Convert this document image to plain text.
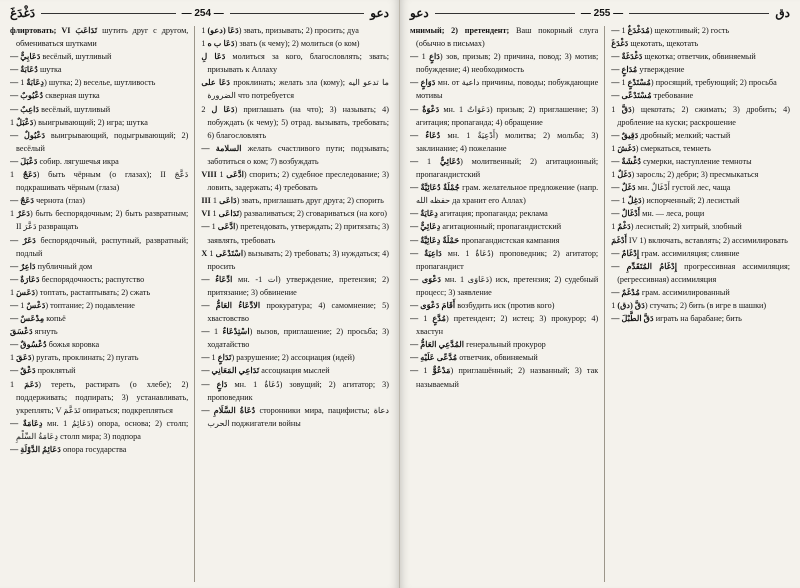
دَغْدَغَ	— 254 —	دعو

флиртовать; VI تَدَاعَبَ шутить друг с другом, обмениваться шутками

— دَعَابِيٌّ весёлый, шутливый

— دُعَابَةٌ шутка

— دِعَابَةٌ 1) шутка; 2) веселье, шутливость

— دُعْبُوبٌ скверная шутка

— دَاعِبٌ весёлый, шутливый

دَعْبَلٌ 1) выигрывающий; 2) игра; шутка

— دَعْبُولٌ выигрывающий, подыгрывающий; 2) весёлый

— دَعْبَلَ собир. лягушечья икра

دَعَجٌ 1) быть чёрным (о глазах); II دَعَّجَ подкрашивать чёрным (глаза)

— دَعَجٌ чернота (глаз)

دَعَرٌ 1) быть беспорядочным; 2) быть развратным; II دَعَّرَ развращать

— دَعَرٌ беспорядочный, распутный, развратный; подлый

— دَاعِرٌ публичный дом

— دَعَارَةٌ беспорядочность; распутство

دَعَسَ 1) топтать, растаптывать; 2) сжать

— دَعْسٌ 1) топтание; 2) подавление

— مِدْعَسٌ копьё

دَعْسَقَ ягнуть

— دُعْسُوقٌ божья коровка

دَعَقَ 1) ругать, проклинать; 2) пугать

— دَعْقٌ проклятый

دَعَمَ 1) тереть, растирать (о хлебе); 2) поддерживать; подпирать; 3) устанавливать, укреплять; V تَدَعَّمَ опираться; подкрепляться

— دِعَامَةٌ мн. دَعَائِمُ 1) опора, основа; 2) столп; دِعَامَةُ السِّلْمِ столп мира; 3) подпора

— دَعَائِمُ الدَّوْلَةِ опора государства

دَعَا (دعو) 1) звать, призывать; 2) просить; дуа

دَعَا ب ه 1) звать (к чему); 2) молиться (о ком)

دَعَا لِ молиться за кого, благословлять; звать; призывать к Аллаху

دَعَا على проклинать; желать зла (кому); ما تدعو اليه الضرورة что потребуется

دَعَا ل 2) приглашать (на что); 3) называть; 4) побуждать (к чему); 5) отрад. вызывать, требовать; 6) благословлять

— السلامة желать счастливого пути; подзывать; заботиться о ком; 7) возбуждать

VIII ادَّعَى 1) спорить; 2) судебное преследование; 3) ловить, задержать; 4) требовать

III دَاعَى 1) звать, приглашать друг друга; 2) спорить

VI تَدَاعَى 1) разваливаться; 2) сговариваться (на кого)

— ادَّعَى 1) претендовать, утверждать; 2) притязать; 3) заявлять, требовать

X اسْتَدْعَى 1) вызывать; 2) требовать; 3) нуждаться; 4) просить

— ادِّعَاءٌ мн. -ات 1) утверждение, претензия; 2) притязание; 3) обвинение

— الادِّعَاءُ العَامُّ прокуратура; 4) самомнение; 5) хвастовство

— اسْتِدْعَاءٌ 1) вызов, приглашение; 2) просьба; 3) ходатайство

— تَدَاعٍ 1) разрушение; 2) ассоциация (идей)

— تَدَاعِي المَعَانِي ассоциация мыслей

— دَاعٍ мн. دُعَاةٌ 1) зовущий; 2) агитатор; 3) проповедник

— دُعَاةُ السَّلَامِ сторонники мира, пацифисты; دعاة الحرب поджигатели войны

دعو	— 255 —	دق

мнимый; 2) претендент; Ваш покорный слуга (обычно в письмах)

— دَاعٍ 1) зов, призыв; 2) причина, повод; 3) мотив; побуждение; 4) необходимость

— دَوَاعٍ мн. от داعية причины, поводы; побуждающие мотивы

— دَعْوَةٌ мн. دَعَوَاتٌ 1) призыв; 2) приглашение; 3) агитация; пропаганда; 4) обращение

— دُعَاءٌ мн. أَدْعِيَةٌ 1) молитва; 2) мольба; 3) заклинание; 4) пожелание

— دُعَائِيٌّ 1) молитвенный; 2) агитационный; пропагандистский

— جُمْلَةٌ دُعَائِيَّةٌ грам. желательное предложение (напр. حفظه الله да хранит его Аллах)

— دِعَايَةٌ агитация; пропаганда; реклама

— دِعَائِيٌّ агитационный; пропагандистский

— حَمْلَةٌ دِعَائِيَّةٌ пропагандистская кампания

— دَاعِيَةٌ мн. دُعَاةٌ 1) проповедник; 2) агитатор; пропагандист

— دَعْوَى мн. دَعَاوَى 1) иск, претензия; 2) судебный процесс; 3) заявление

— أَقَامَ دَعْوَى возбудить иск (против кого)

— مُدَّعٍ 1) претендент; 2) истец; 3) прокурор; 4) хвастун

— المُدَّعِي العَامُّ генеральный прокурор

— مُدَّعًى عَلَيْهِ ответчик, обвиняемый

— مَدْعُوٌّ 1) приглашённый; 2) названный; 3) так называемый

— مُدَغْدَغٌ 1) щекотливый; 2) гость

دَغْدَغَ щекотать, щекотать

— دَغْدَغَةٌ щекотка; ответчик, обвиняемый

— مُدَاعٍ утверждение

— مُسْتَدْعٍ 1) просящий, требующий; 2) просьба

— مُسْتَدْعًى требование

دَقَّ 1) щекотать; 2) сжимать; 3) дробить; 4) дробление на куски; раскрошение

— دَقِيقٌ дробный; мелкий; частый

دَغَشَ 1) смеркаться, темнеть

— دُغْشَةٌ сумерки, наступление темноты

دَغَلٌ 1) заросль; 2) дебри; 3) пресмыкаться

— دَغَلٌ мн. أَدْغَالٌ густой лес, чаща

— دَغِلٌ 1) испорченный; 2) лесистый

— أَدْغَالٌ мн. — леса, рощи

دَغْمٌ 1) лесистый; 2) хитрый, злобный

أَدْغَمَ IV 1) включать, вставлять; 2) ассимилировать

— إِدْغَامٌ грам. ассимиляция; слияние

— إِدْغَامُ المُتَقَدِّمِ прогрессивная ассимиляция; (регрессивная) ассимиляция

— مُدْغَمٌ грам. ассимилированный

دَقَّ (دق) 1) стучать; 2) бить (в игре в шашки)

— دَقَّ الطَّبْلَ играть на барабане; бить
